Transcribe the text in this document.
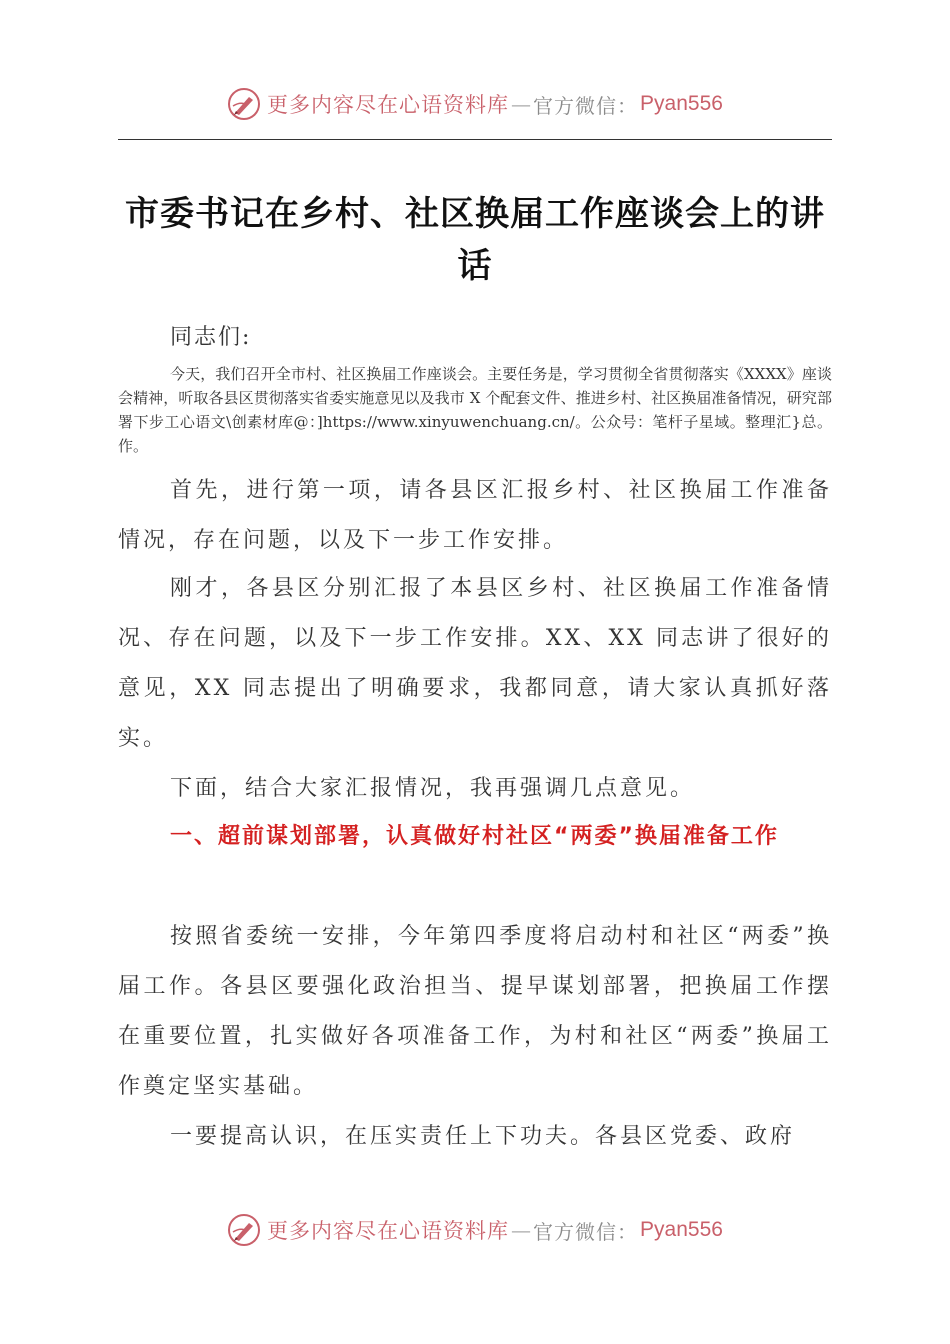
更多内容尽在心语资料库 — 官方微信： Pyan556
市委书记在乡村、社区换届工作座谈会上的讲话
同志们:
今天，我们召开全市村、社区换届工作座谈会。主要任务是，学习贯彻全省贯彻落实《XXXX》座谈会精神，听取各县区贯彻落实省委实施意见以及我市 X 个配套文件、推进乡村、社区换届准备情况，研究部署下步工心语文\创素材库@：]https://www.xinyuwenchuang.cn/。公众号：笔杆子星域。整理汇}总。作。

首先，进行第一项，请各县区汇报乡村、社区换届工作准备情况，存在问题，以及下一步工作安排。

刚才，各县区分别汇报了本县区乡村、社区换届工作准备情况、存在问题，以及下一步工作安排。XX、XX 同志讲了很好的意见，XX 同志提出了明确要求，我都同意，请大家认真抓好落实。

下面，结合大家汇报情况，我再强调几点意见。

一、超前谋划部署，认真做好村社区“两委”换届准备工作

按照省委统一安排，今年第四季度将启动村和社区“两委”换届工作。各县区要强化政治担当、提早谋划部署，把换届工作摆在重要位置，扎实做好各项准备工作，为村和社区“两委”换届工作奠定坚实基础。

一要提高认识，在压实责任上下功夫。各县区党委、政府

更多内容尽在心语资料库 — 官方微信： Pyan556
